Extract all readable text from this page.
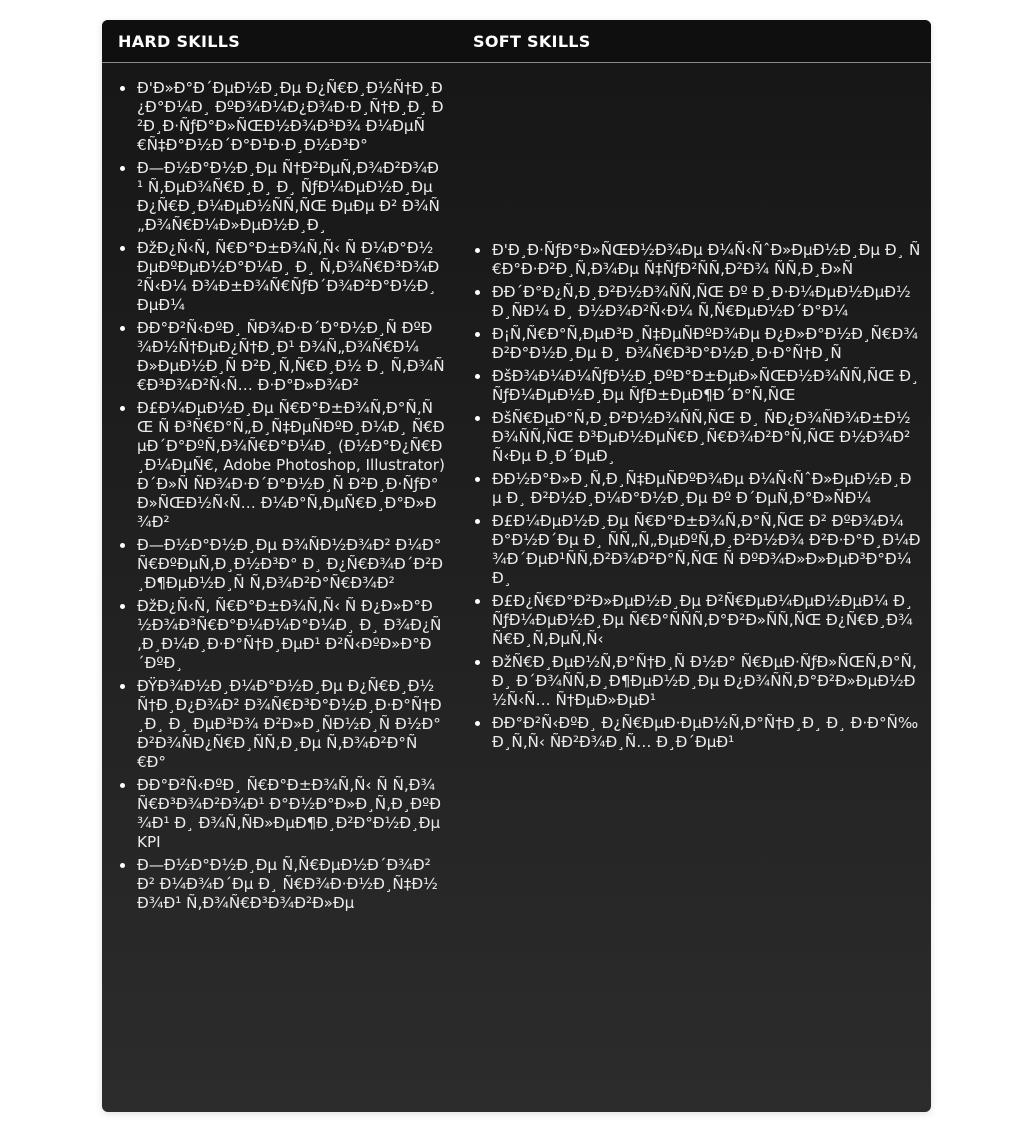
HARD SKILLS	SOFT SKILLS
Ð'Ð»Ð°Ð´ÐµÐ½Ð¸Ðµ Ð¿Ñ€Ð¸Ð½Ñ†Ð¸Ð¿Ð°Ð¼Ð¸ ÐºÐ¾Ð¼Ð¿Ð¾Ð·Ð¸Ñ†Ð¸Ð¸ Ð²Ð¸Ð·ÑƒÐ°Ð»ÑŒÐ½Ð¾Ð³Ð¾ Ð¼ÐµÑ€Ñ‡Ð°Ð½Ð´Ð°Ð¹Ð·Ð¸Ð½Ð³Ð°
Ð—Ð½Ð°Ð½Ð¸Ðµ Ñ†Ð²ÐµÑ‚Ð¾Ð²Ð¾Ð¹ Ñ‚ÐµÐ¾Ñ€Ð¸Ð¸ Ð¸ ÑƒÐ¼ÐµÐ½Ð¸Ðµ Ð¿Ñ€Ð¸Ð¼ÐµÐ½ÑÑ‚ÑŒ ÐµÐµ Ð² Ð¾Ñ„Ð¾Ñ€Ð¼Ð»ÐµÐ½Ð¸Ð¸
ÐžÐ¿Ñ‹Ñ‚ Ñ€Ð°Ð±Ð¾Ñ‚Ñ‹ Ñ Ð¼Ð°Ð½ÐµÐºÐµÐ½Ð°Ð¼Ð¸ Ð¸ Ñ‚Ð¾Ñ€Ð³Ð¾Ð²Ñ‹Ð¼ Ð¾Ð±Ð¾Ñ€ÑƒÐ´Ð¾Ð²Ð°Ð½Ð¸ÐµÐ¼
ÐÐ°Ð²Ñ‹ÐºÐ¸ ÑÐ¾Ð·Ð´Ð°Ð½Ð¸Ñ ÐºÐ¾Ð½Ñ†ÐµÐ¿Ñ†Ð¸Ð¹ Ð¾Ñ„Ð¾Ñ€Ð¼Ð»ÐµÐ½Ð¸Ñ Ð²Ð¸Ñ‚Ñ€Ð¸Ð½ Ð¸ Ñ‚Ð¾Ñ€Ð³Ð¾Ð²Ñ‹Ñ… Ð·Ð°Ð»Ð¾Ð²
Ð£Ð¼ÐµÐ½Ð¸Ðµ Ñ€Ð°Ð±Ð¾Ñ‚Ð°Ñ‚ÑŒ Ñ Ð³Ñ€Ð°Ñ„Ð¸Ñ‡ÐµÑÐºÐ¸Ð¼Ð¸ Ñ€ÐµÐ´Ð°ÐºÑ‚Ð¾Ñ€Ð°Ð¼Ð¸ (Ð½Ð°Ð¿Ñ€Ð¸Ð¼ÐµÑ€, Adobe Photoshop, Illustrator) Ð´Ð»Ñ ÑÐ¾Ð·Ð´Ð°Ð½Ð¸Ñ Ð²Ð¸Ð·ÑƒÐ°Ð»ÑŒÐ½Ñ‹Ñ… Ð¼Ð°Ñ‚ÐµÑ€Ð¸Ð°Ð»Ð¾Ð²
Ð—Ð½Ð°Ð½Ð¸Ðµ Ð¾ÑÐ½Ð¾Ð² Ð¼Ð°Ñ€ÐºÐµÑ‚Ð¸Ð½Ð³Ð° Ð¸ Ð¿Ñ€Ð¾Ð´Ð²Ð¸Ð¶ÐµÐ½Ð¸Ñ Ñ‚Ð¾Ð²Ð°Ñ€Ð¾Ð²
ÐžÐ¿Ñ‹Ñ‚ Ñ€Ð°Ð±Ð¾Ñ‚Ñ‹ Ñ Ð¿Ð»Ð°Ð½Ð¾Ð³Ñ€Ð°Ð¼Ð¼Ð°Ð¼Ð¸ Ð¸ Ð¾Ð¿Ñ‚Ð¸Ð¼Ð¸Ð·Ð°Ñ†Ð¸ÐµÐ¹ Ð²Ñ‹ÐºÐ»Ð°Ð´ÐºÐ¸
ÐŸÐ¾Ð½Ð¸Ð¼Ð°Ð½Ð¸Ðµ Ð¿Ñ€Ð¸Ð½Ñ†Ð¸Ð¿Ð¾Ð² Ð¾Ñ€Ð³Ð°Ð½Ð¸Ð·Ð°Ñ†Ð¸Ð¸ Ð¸ ÐµÐ³Ð¾ Ð²Ð»Ð¸ÑÐ½Ð¸Ñ Ð½Ð° Ð²Ð¾ÑÐ¿Ñ€Ð¸ÑÑ‚Ð¸Ðµ Ñ‚Ð¾Ð²Ð°Ñ€Ð°
ÐÐ°Ð²Ñ‹ÐºÐ¸ Ñ€Ð°Ð±Ð¾Ñ‚Ñ‹ Ñ Ñ‚Ð¾Ñ€Ð³Ð¾Ð²Ð¾Ð¹ Ð°Ð½Ð°Ð»Ð¸Ñ‚Ð¸ÐºÐ¾Ð¹ Ð¸ Ð¾Ñ‚ÑÐ»ÐµÐ¶Ð¸Ð²Ð°Ð½Ð¸Ðµ KPI
Ð—Ð½Ð°Ð½Ð¸Ðµ Ñ‚Ñ€ÐµÐ½Ð´Ð¾Ð² Ð² Ð¼Ð¾Ð´Ðµ Ð¸ Ñ€Ð¾Ð·Ð½Ð¸Ñ‡Ð½Ð¾Ð¹ Ñ‚Ð¾Ñ€Ð³Ð¾Ð²Ð»Ðµ
Ð'Ð¸Ð·ÑƒÐ°Ð»ÑŒÐ½Ð¾Ðµ Ð¼Ñ‹ÑˆÐ»ÐµÐ½Ð¸Ðµ Ð¸ Ñ€Ð°Ð·Ð²Ð¸Ñ‚Ð¾Ðµ Ñ‡ÑƒÐ²ÑÑ‚Ð²Ð¾ ÑÑ‚Ð¸Ð»Ñ
ÐÐ´Ð°Ð¿Ñ‚Ð¸Ð²Ð½Ð¾ÑÑ‚ÑŒ Ðº Ð¸Ð·Ð¼ÐµÐ½ÐµÐ½Ð¸ÑÐ¼ Ð¸ Ð½Ð¾Ð²Ñ‹Ð¼ Ñ‚Ñ€ÐµÐ½Ð´Ð°Ð¼
Ð¡Ñ‚Ñ€Ð°Ñ‚ÐµÐ³Ð¸Ñ‡ÐµÑÐºÐ¾Ðµ Ð¿Ð»Ð°Ð½Ð¸Ñ€Ð¾Ð²Ð°Ð½Ð¸Ðµ Ð¸ Ð¾Ñ€Ð³Ð°Ð½Ð¸Ð·Ð°Ñ†Ð¸Ñ
ÐšÐ¾Ð¼Ð¼ÑƒÐ½Ð¸ÐºÐ°Ð±ÐµÐ»ÑŒÐ½Ð¾ÑÑ‚ÑŒ Ð¸ ÑƒÐ¼ÐµÐ½Ð¸Ðµ ÑƒÐ±ÐµÐ¶Ð´Ð°Ñ‚ÑŒ
ÐšÑ€ÐµÐ°Ñ‚Ð¸Ð²Ð½Ð¾ÑÑ‚ÑŒ Ð¸ ÑÐ¿Ð¾ÑÐ¾Ð±Ð½Ð¾ÑÑ‚ÑŒ Ð³ÐµÐ½ÐµÑ€Ð¸Ñ€Ð¾Ð²Ð°Ñ‚ÑŒ Ð½Ð¾Ð²Ñ‹Ðµ Ð¸Ð´ÐµÐ¸
ÐÐ½Ð°Ð»Ð¸Ñ‚Ð¸Ñ‡ÐµÑÐºÐ¾Ðµ Ð¼Ñ‹ÑˆÐ»ÐµÐ½Ð¸Ðµ Ð¸ Ð²Ð½Ð¸Ð¼Ð°Ð½Ð¸Ðµ Ðº Ð´ÐµÑ‚Ð°Ð»ÑÐ¼
Ð£Ð¼ÐµÐ½Ð¸Ðµ Ñ€Ð°Ð±Ð¾Ñ‚Ð°Ñ‚ÑŒ Ð² ÐºÐ¾Ð¼Ð°Ð½Ð´Ðµ Ð¸ ÑÑ„Ñ„ÐµÐºÑ‚Ð¸Ð²Ð½Ð¾ Ð²Ð·Ð°Ð¸Ð¼Ð¾Ð´ÐµÐ¹ÑÑ‚Ð²Ð¾Ð²Ð°Ñ‚ÑŒ Ñ ÐºÐ¾Ð»Ð»ÐµÐ³Ð°Ð¼Ð¸
Ð£Ð¿Ñ€Ð°Ð²Ð»ÐµÐ½Ð¸Ðµ Ð²Ñ€ÐµÐ¼ÐµÐ½ÐµÐ¼ Ð¸ ÑƒÐ¼ÐµÐ½Ð¸Ðµ Ñ€Ð°ÑÑÑ‚Ð°Ð²Ð»ÑÑ‚ÑŒ Ð¿Ñ€Ð¸Ð¾Ñ€Ð¸Ñ‚ÐµÑ‚Ñ‹
ÐžÑ€Ð¸ÐµÐ½Ñ‚Ð°Ñ†Ð¸Ñ Ð½Ð° Ñ€ÐµÐ·ÑƒÐ»ÑŒÑ‚Ð°Ñ‚ Ð¸ Ð´Ð¾ÑÑ‚Ð¸Ð¶ÐµÐ½Ð¸Ðµ Ð¿Ð¾ÑÑ‚Ð°Ð²Ð»ÐµÐ½Ð½Ñ‹Ñ… Ñ†ÐµÐ»ÐµÐ¹
ÐÐ°Ð²Ñ‹ÐºÐ¸ Ð¿Ñ€ÐµÐ·ÐµÐ½Ñ‚Ð°Ñ†Ð¸Ð¸ Ð¸ Ð·Ð°Ñ‰Ð¸Ñ‚Ñ‹ ÑÐ²Ð¾Ð¸Ñ… Ð¸Ð´ÐµÐ¹
